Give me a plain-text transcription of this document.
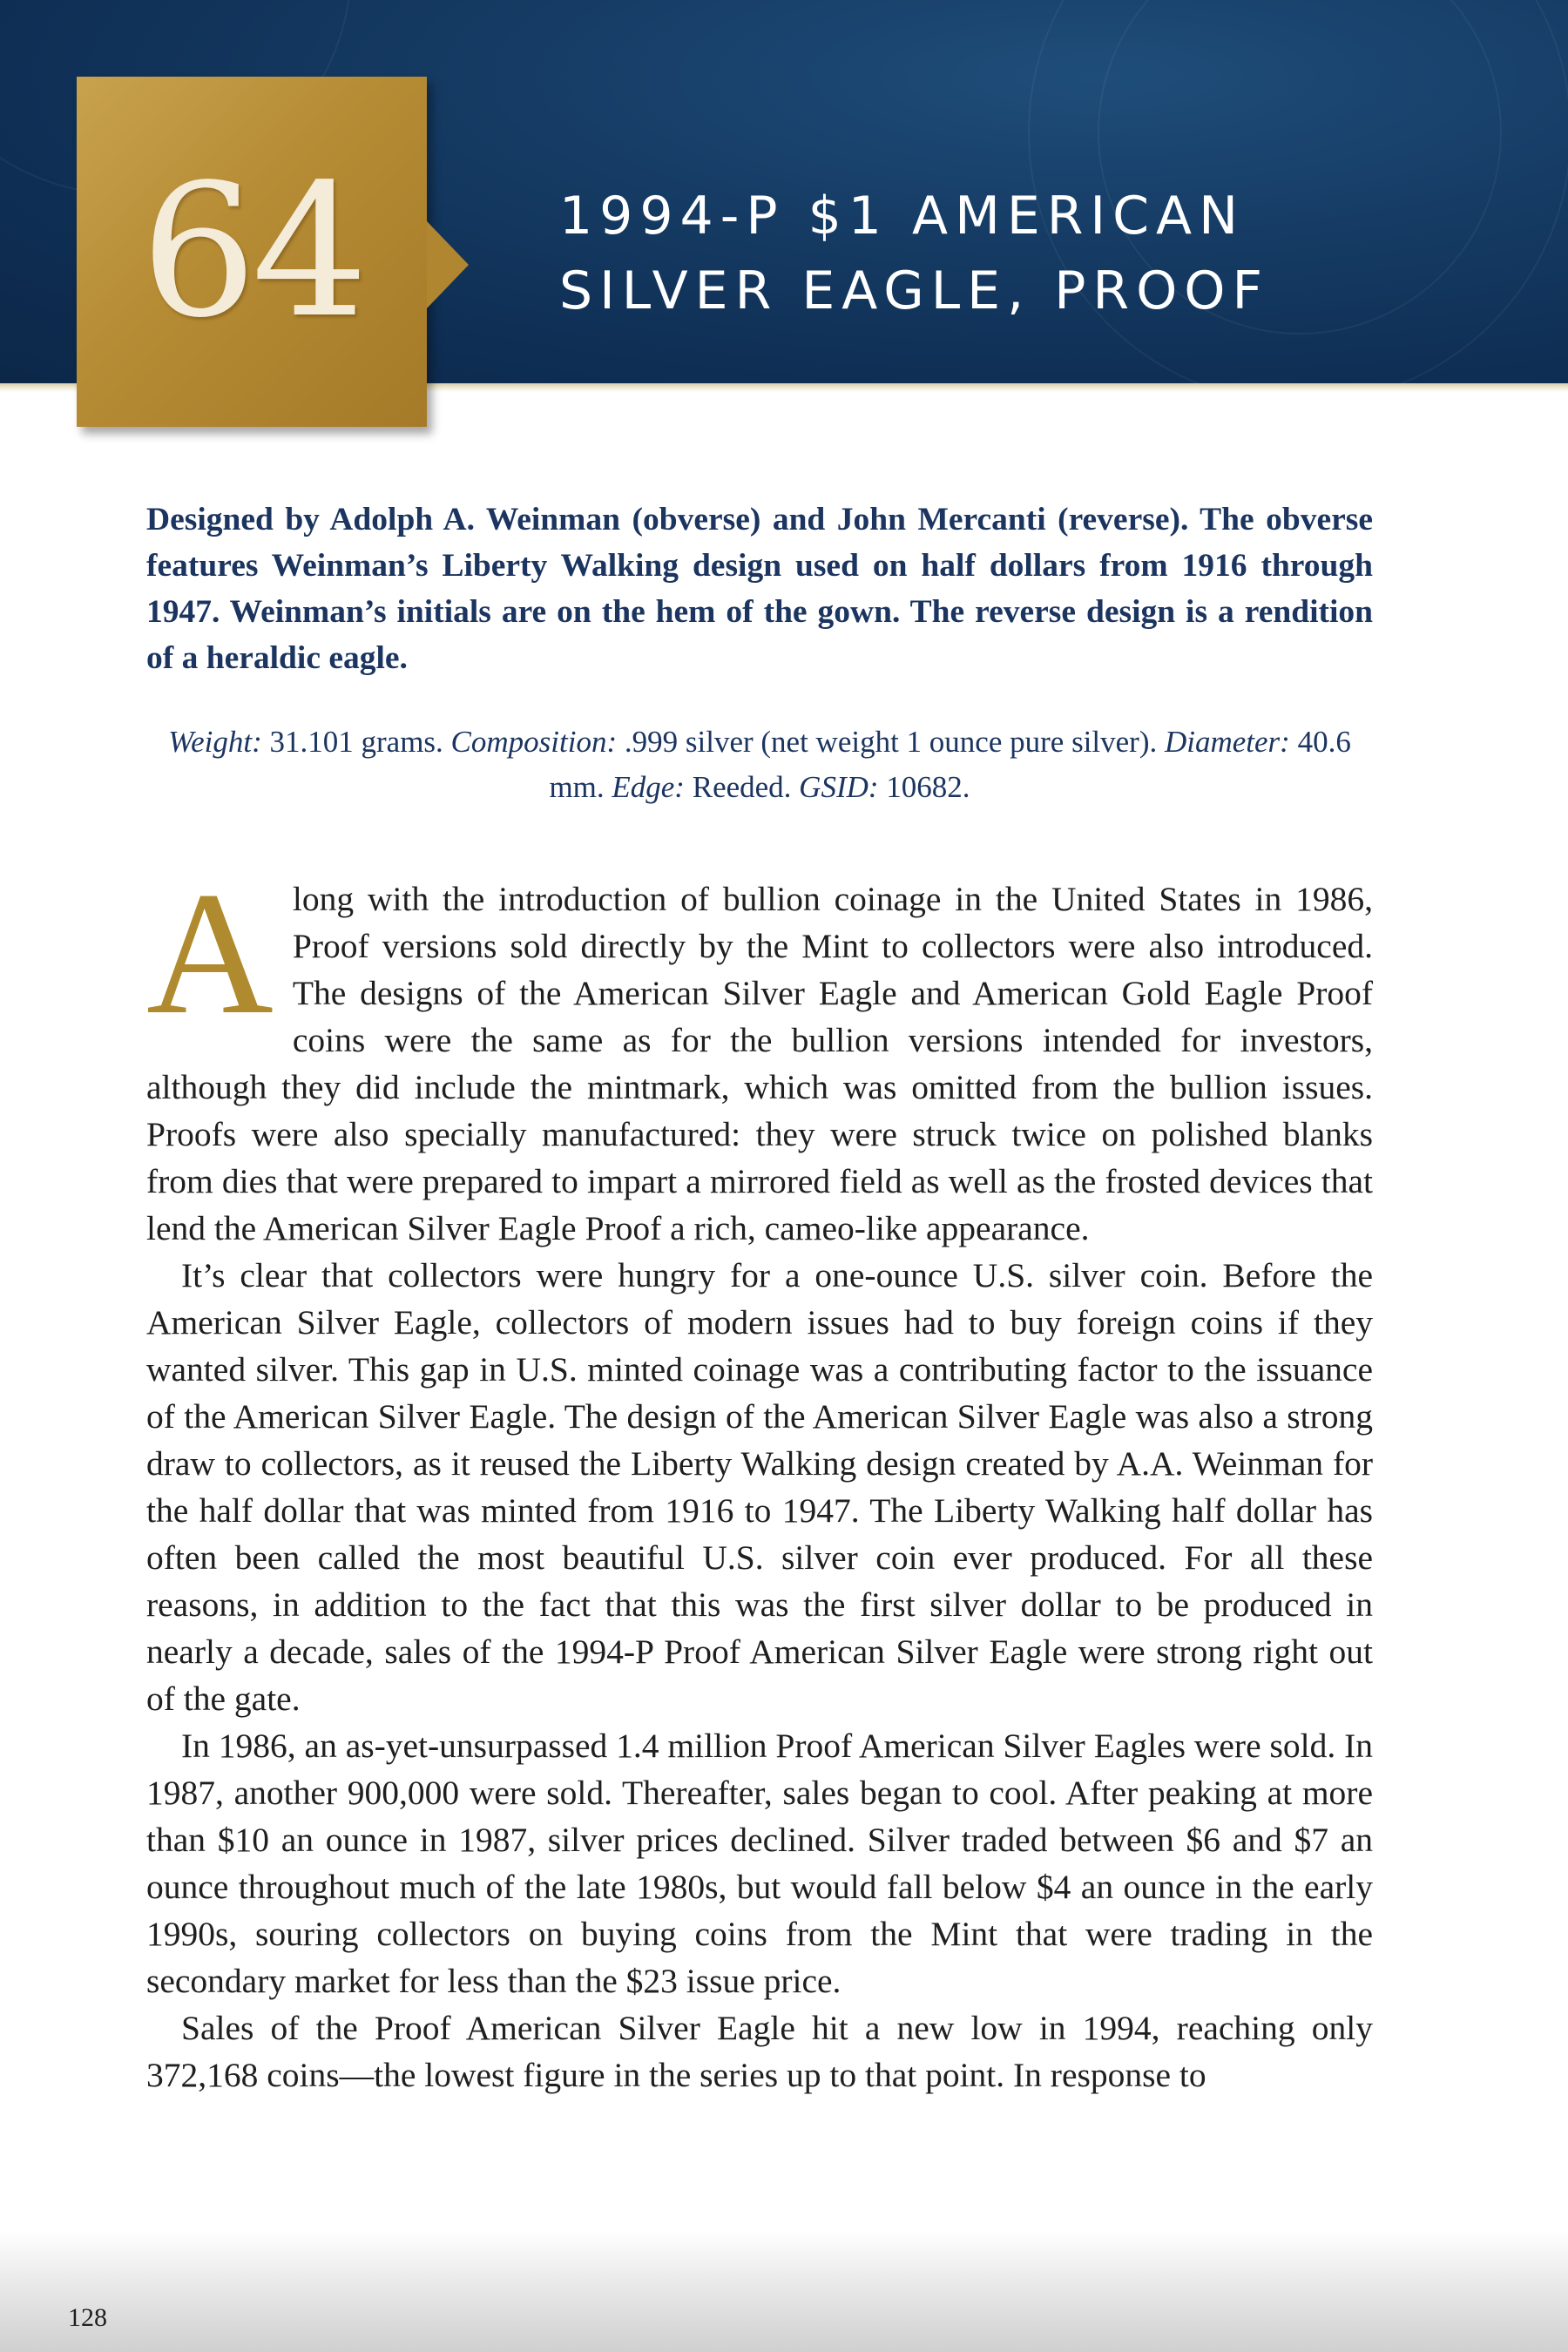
64	1994-P $1 AMERICAN
SILVER EAGLE, PROOF
Designed by Adolph A. Weinman (obverse) and John Mercanti (reverse). The obverse features Weinman’s Liberty Walking design used on half dollars from 1916 through 1947. Weinman’s initials are on the hem of the gown. The reverse design is a rendition of a heraldic eagle.
Weight: 31.101 grams. Composition: .999 silver (net weight 1 ounce pure silver). Diameter: 40.6 mm. Edge: Reeded. GSID: 10682.

Along with the introduction of bullion coinage in the United States in 1986, Proof versions sold directly by the Mint to collectors were also introduced. The designs of the American Silver Eagle and American Gold Eagle Proof coins were the same as for the bullion versions intended for investors, although they did include the mintmark, which was omitted from the bullion issues. Proofs were also specially manufactured: they were struck twice on polished blanks from dies that were prepared to impart a mirrored field as well as the frosted devices that lend the American Silver Eagle Proof a rich, cameo-like appearance.

It’s clear that collectors were hungry for a one-ounce U.S. silver coin. Before the American Silver Eagle, collectors of modern issues had to buy foreign coins if they wanted silver. This gap in U.S. minted coinage was a contributing factor to the issuance of the American Silver Eagle. The design of the American Silver Eagle was also a strong draw to collectors, as it reused the Liberty Walking design created by A.A. Weinman for the half dollar that was minted from 1916 to 1947. The Liberty Walking half dollar has often been called the most beautiful U.S. silver coin ever produced. For all these reasons, in addition to the fact that this was the first silver dollar to be produced in nearly a decade, sales of the 1994-P Proof American Silver Eagle were strong right out of the gate.

In 1986, an as-yet-unsurpassed 1.4 million Proof American Silver Eagles were sold. In 1987, another 900,000 were sold. Thereafter, sales began to cool. After peaking at more than $10 an ounce in 1987, silver prices declined. Silver traded between $6 and $7 an ounce throughout much of the late 1980s, but would fall below $4 an ounce in the early 1990s, souring collectors on buying coins from the Mint that were trading in the secondary market for less than the $23 issue price.

Sales of the Proof American Silver Eagle hit a new low in 1994, reaching only 372,168 coins—the lowest figure in the series up to that point. In response to

128
